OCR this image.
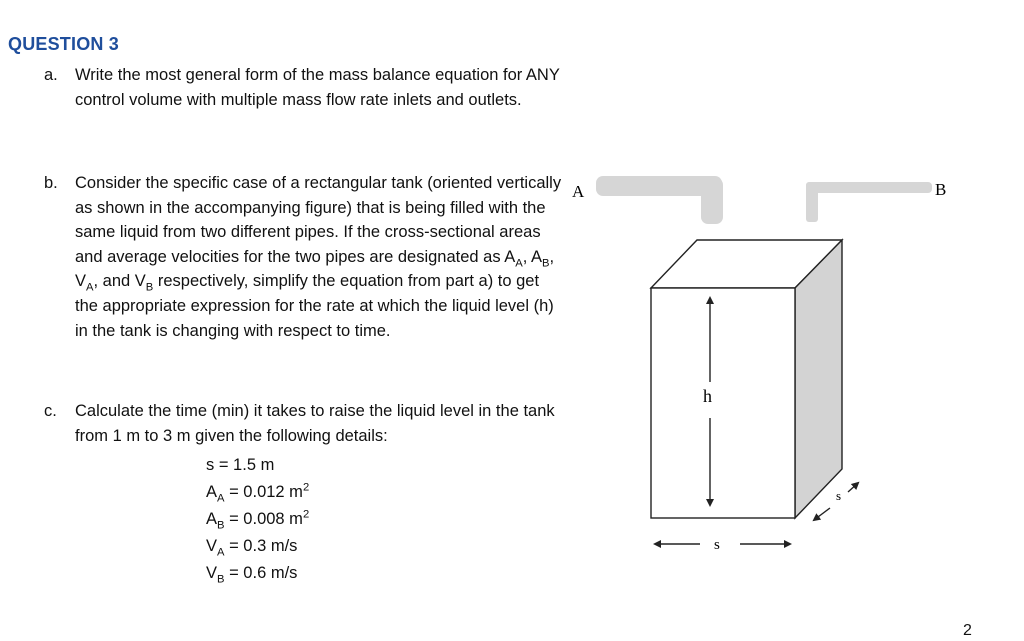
QUESTION 3
a. Write the most general form of the mass balance equation for ANY control volume with multiple mass flow rate inlets and outlets.
b. Consider the specific case of a rectangular tank (oriented vertically as shown in the accompanying figure) that is being filled with the same liquid from two different pipes. If the cross-sectional areas and average velocities for the two pipes are designated as $A_A$, $A_B$, $V_A$, and $V_B$ respectively, simplify the equation from part a) to get the appropriate expression for the rate at which the liquid level (h) in the tank is changing with respect to time.
c. Calculate the time (min) it takes to raise the liquid level in the tank from 1 m to 3 m given the following details:
s = 1.5 m
$A_A = 0.012$ $m^2$
$A_B = 0.008$ $m^2$
$V_A = 0.3$ m/s
$V_B = 0.6$ m/s
A	B
h
s
s
2
